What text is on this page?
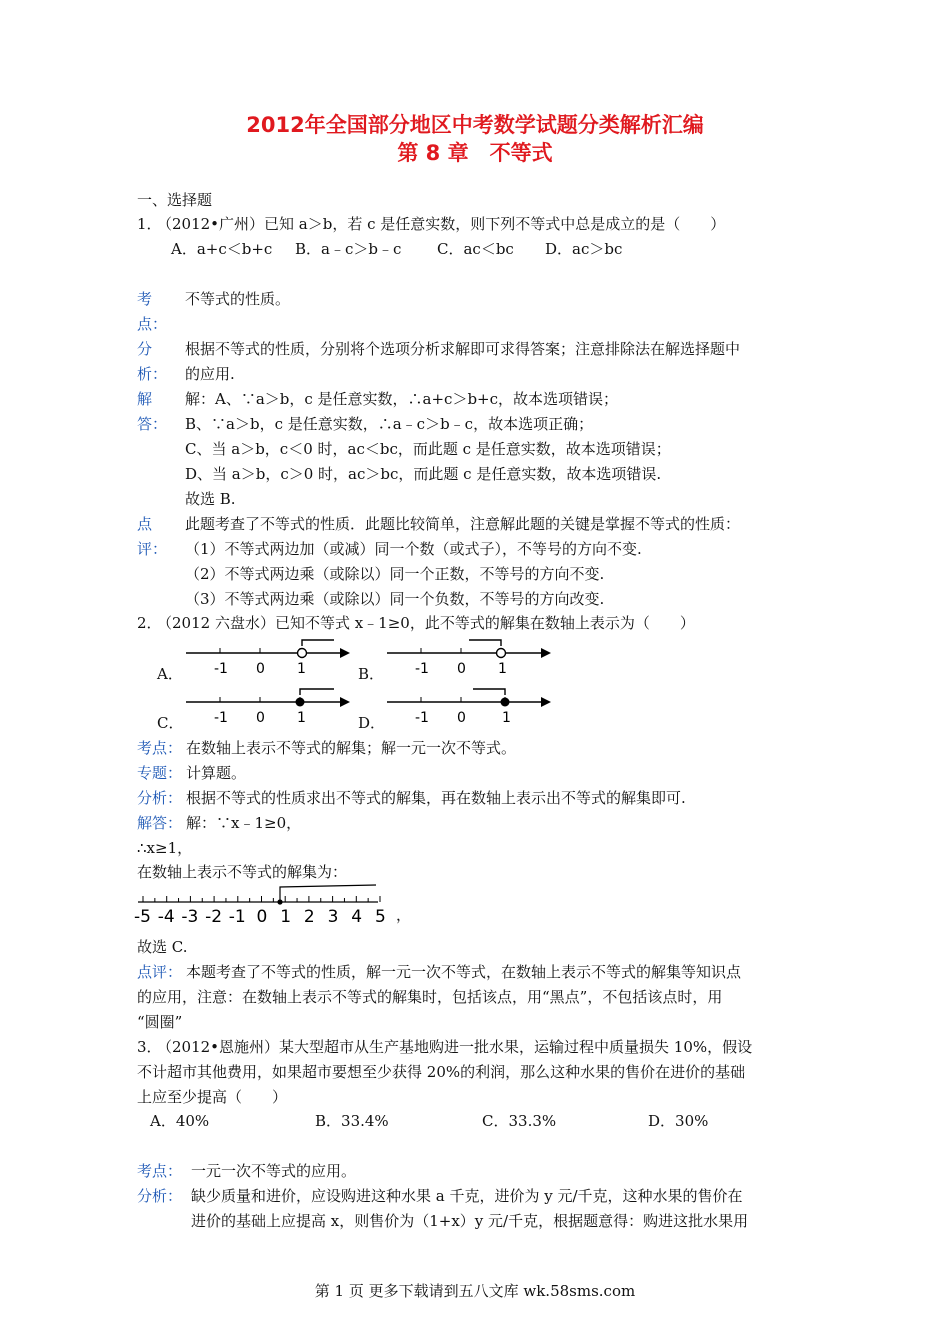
2012年全国部分地区中考数学试题分类解析汇编
第 8 章　不等式
一、选择题
1．
（2012•广州）已知 a＞b，若 c 是任意实数，则下列不等式中总是成立的是（　　）
A．a+c＜b+c B．a﹣c＞b﹣c C．ac＜bc D．ac＞bc
考
点：
不等式的性质。
分
析：
根据不等式的性质，分别将个选项分析求解即可求得答案；注意排除法在解选择题中
的应用.
解
答：
解：A、∵a＞b，c 是任意实数，∴a+c＞b+c，故本选项错误；
B、∵a＞b，c 是任意实数，∴a﹣c＞b﹣c，故本选项正确；
C、当 a＞b，c＜0 时，ac＜bc，而此题 c 是任意实数，故本选项错误；
D、当 a＞b，c＞0 时，ac＞bc，而此题 c 是任意实数，故本选项错误.
故选 B.
点
评：
此题考查了不等式的性质．此题比较简单，注意解此题的关键是掌握不等式的性质：
（1）不等式两边加（或减）同一个数（或式子），不等号的方向不变.
（2）不等式两边乘（或除以）同一个正数，不等号的方向不变.
（3）不等式两边乘（或除以）同一个负数，不等号的方向改变.
2．
（2012 六盘水）已知不等式 x﹣1≥0，此不等式的解集在数轴上表示为（　　）
A．	B．
C．	D．
-1 0 1	-1 0 1
-1 0 1	-1 0	1
考点： 在数轴上表示不等式的解集；解一元一次不等式。
专题： 计算题。
分析： 根据不等式的性质求出不等式的解集，再在数轴上表示出不等式的解集即可.
解答： 解：∵x﹣1≥0，
∴x≥1，
在数轴上表示不等式的解集为：
-5 -4 -3 -2 -1 0 1 2 3 4 5 ，
故选 C.
点评： 本题考查了不等式的性质，解一元一次不等式，在数轴上表示不等式的解集等知识点
的应用，注意：在数轴上表示不等式的解集时，包括该点，用“黑点”，不包括该点时，用
“圆圈”
3．
（2012•恩施州）某大型超市从生产基地购进一批水果，运输过程中质量损失 10%，假设
不计超市其他费用，如果超市要想至少获得 20%的利润，那么这种水果的售价在进价的基础
上应至少提高（　　）
A．40%	B．33.4%	C．33.3%	D．30%
考点： 一元一次不等式的应用。
分析： 缺少质量和进价，应设购进这种水果 a 千克，进价为 y 元/千克，这种水果的售价在
进价的基础上应提高 x，则售价为（1+x）y 元/千克，根据题意得：购进这批水果用
第 1 页 更多下载请到五八文库 wk.58sms.com
